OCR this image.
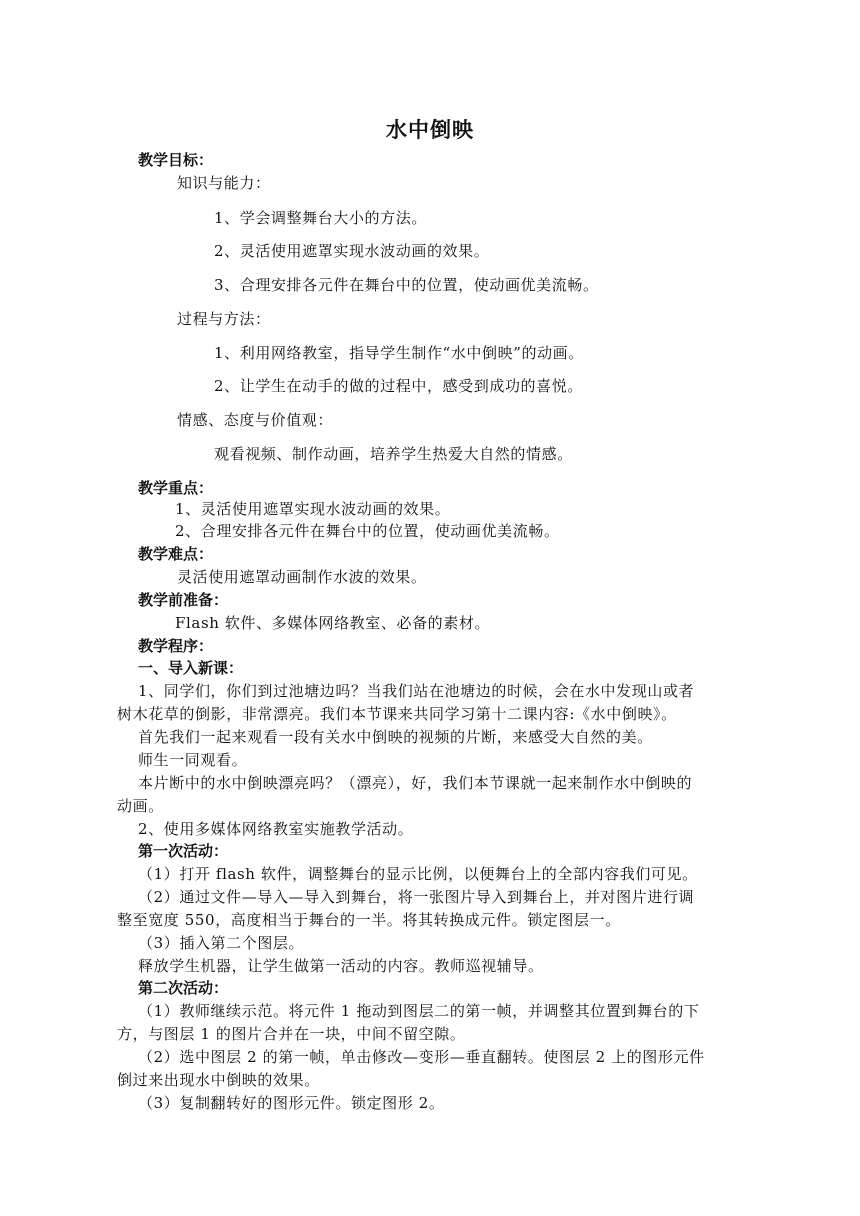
水中倒映
教学目标：
知识与能力：
1、学会调整舞台大小的方法。
2、灵活使用遮罩实现水波动画的效果。
3、合理安排各元件在舞台中的位置，使动画优美流畅。
过程与方法：
1、利用网络教室，指导学生制作“水中倒映”的动画。
2、让学生在动手的做的过程中，感受到成功的喜悦。
情感、态度与价值观：
观看视频、制作动画，培养学生热爱大自然的情感。
教学重点：
1、灵活使用遮罩实现水波动画的效果。
2、合理安排各元件在舞台中的位置，使动画优美流畅。
教学难点：
灵活使用遮罩动画制作水波的效果。
教学前准备：
Flash 软件、多媒体网络教室、必备的素材。
教学程序：
一、导入新课：
1、同学们，你们到过池塘边吗？当我们站在池塘边的时候，会在水中发现山或者
树木花草的倒影，非常漂亮。我们本节课来共同学习第十二课内容:《水中倒映》。
首先我们一起来观看一段有关水中倒映的视频的片断，来感受大自然的美。
师生一同观看。
本片断中的水中倒映漂亮吗？（漂亮），好，我们本节课就一起来制作水中倒映的
动画。
2、使用多媒体网络教室实施教学活动。
第一次活动：
（1）打开 flash 软件，调整舞台的显示比例，以便舞台上的全部内容我们可见。
（2）通过文件—导入—导入到舞台，将一张图片导入到舞台上，并对图片进行调
整至宽度 550，高度相当于舞台的一半。将其转换成元件。锁定图层一。
（3）插入第二个图层。
释放学生机器，让学生做第一活动的内容。教师巡视辅导。
第二次活动：
（1）教师继续示范。将元件 1 拖动到图层二的第一帧，并调整其位置到舞台的下
方，与图层 1 的图片合并在一块，中间不留空隙。
（2）选中图层 2 的第一帧，单击修改—变形—垂直翻转。使图层 2 上的图形元件
倒过来出现水中倒映的效果。
（3）复制翻转好的图形元件。锁定图形 2。
